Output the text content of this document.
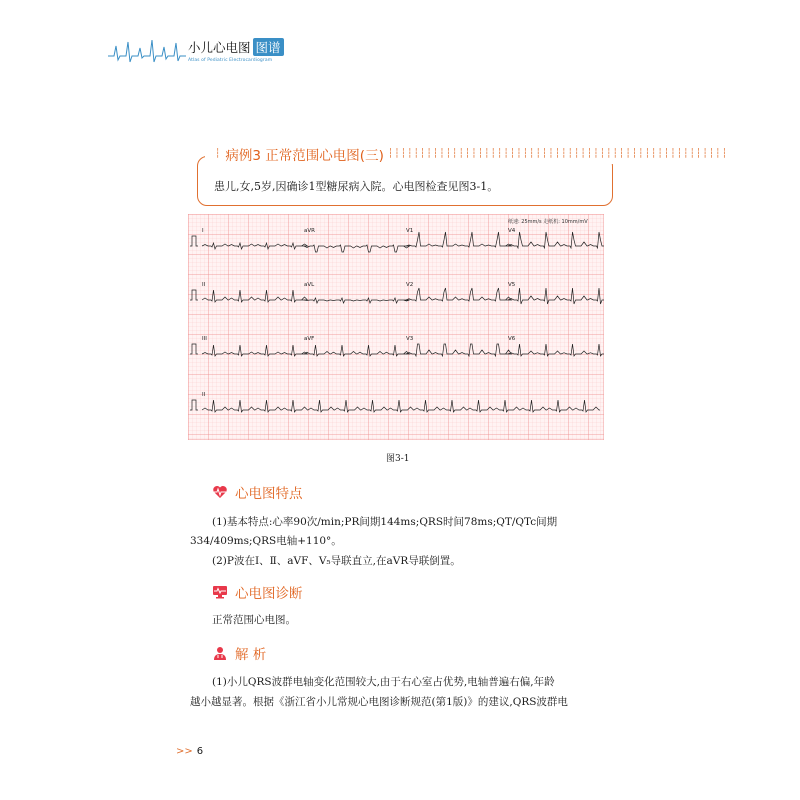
小儿心电图 图谱
Atlas of Pediatric Electrocardiogram
┆ 病例3 正常范围心电图(三) ┆┆┆┆┆┆┆┆┆┆┆┆┆┆┆┆┆┆┆┆┆┆┆┆┆┆┆┆┆┆┆┆┆┆┆┆┆┆┆┆┆┆┆┆┆┆┆┆┆┆┆┆┆
患儿,女,5岁,因确诊1型糖尿病入院。心电图检查见图3-1。
纸速: 25mm/s 走纸机: 10mm/mV
I	aVR	V1	V4
II	aVL	V2	V5
III	aVF	V3	V6
II
图3-1
心电图特点
(1)基本特点:心率90次/min;PR间期144ms;QRS时间78ms;QT/QTc间期
334/409ms;QRS电轴+110°。
(2)P波在Ⅰ、Ⅱ、aVF、V₅导联直立,在aVR导联倒置。
心电图诊断
正常范围心电图。
解 析
(1)小儿QRS波群电轴变化范围较大,由于右心室占优势,电轴普遍右偏,年龄
越小越显著。根据《浙江省小儿常规心电图诊断规范(第1版)》的建议,QRS波群电
>> 6
